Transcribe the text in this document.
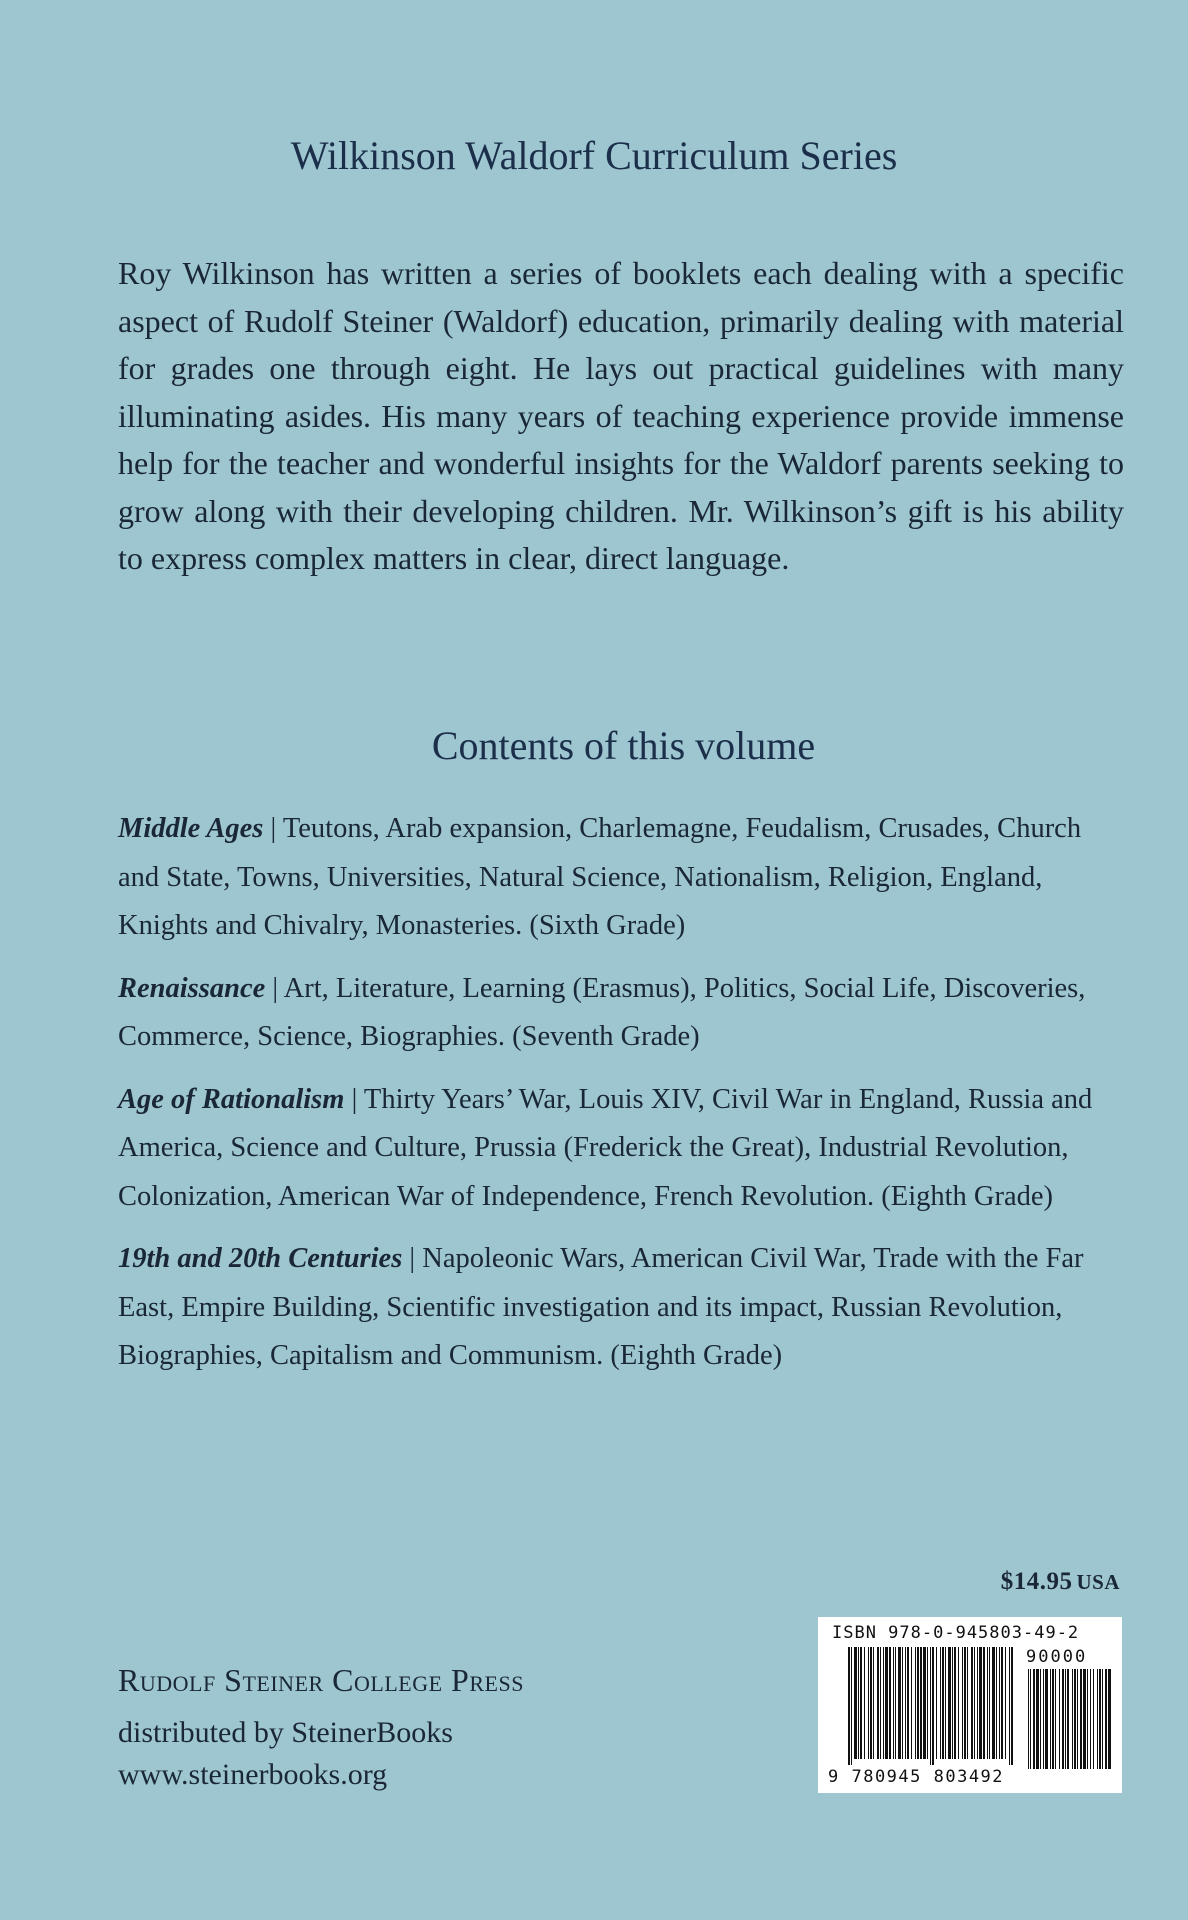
Wilkinson Waldorf Curriculum Series
Roy Wilkinson has written a series of booklets each dealing with a specific aspect of Rudolf Steiner (Waldorf) education, primarily dealing with material for grades one through eight. He lays out practical guidelines with many illuminating asides. His many years of teaching experience provide immense help for the teacher and wonderful insights for the Waldorf parents seeking to grow along with their developing children. Mr. Wilkinson’s gift is his ability to express complex matters in clear, direct language.
Contents of this volume
Middle Ages | Teutons, Arab expansion, Charlemagne, Feudalism, Crusades, Church and State, Towns, Universities, Natural Science, Nationalism, Religion, England, Knights and Chivalry, Monasteries. (Sixth Grade)
Renaissance | Art, Literature, Learning (Erasmus), Politics, Social Life, Discoveries, Commerce, Science, Biographies. (Seventh Grade)
Age of Rationalism | Thirty Years’ War, Louis XIV, Civil War in England, Russia and America, Science and Culture, Prussia (Frederick the Great), Industrial Revolution, Colonization, American War of Independence, French Revolution. (Eighth Grade)
19th and 20th Centuries | Napoleonic Wars, American Civil War, Trade with the Far East, Empire Building, Scientific investigation and its impact, Russian Revolution, Biographies, Capitalism and Communism. (Eighth Grade)
$14.95 USA
ISBN 978-0-945803-49-2
90000
9 780945 803492
Rudolf Steiner College Press
distributed by SteinerBooks
www.steinerbooks.org
